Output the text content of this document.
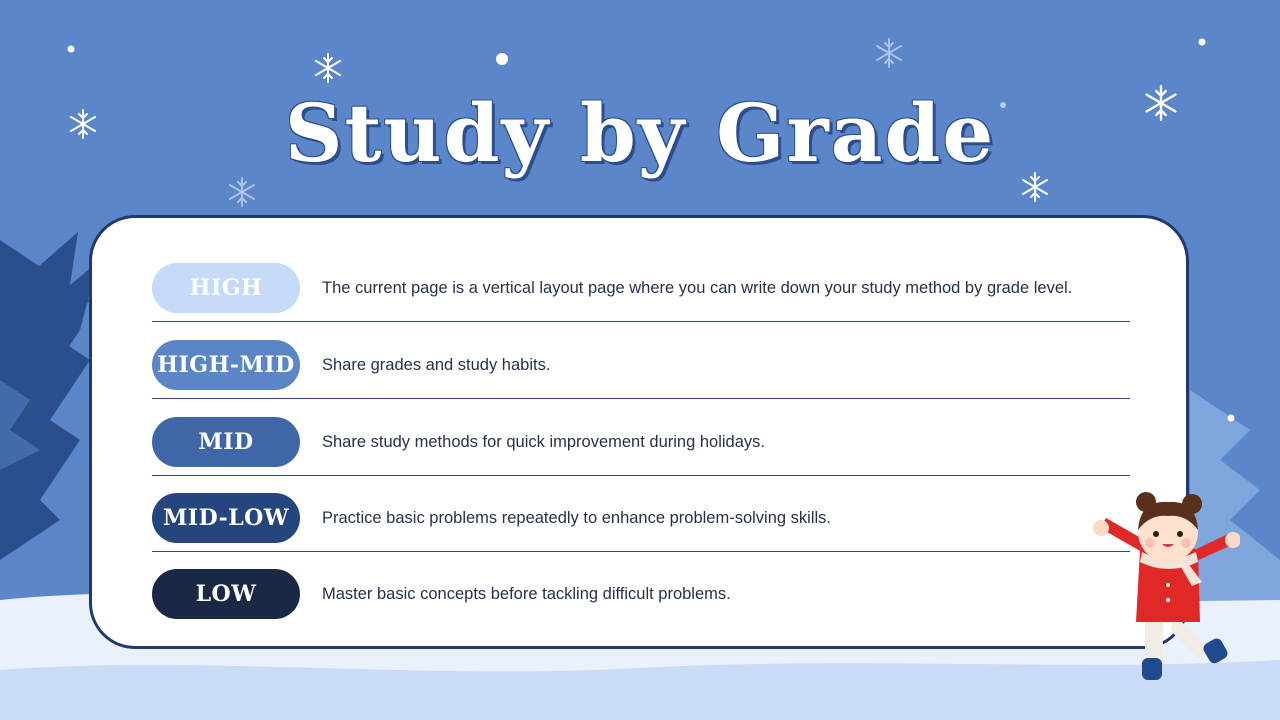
Study by Grade
HIGH	The current page is a vertical layout page where you can write down your study method by grade level.
HIGH-MID	Share grades and study habits.
MID	Share study methods for quick improvement during holidays.
MID-LOW	Practice basic problems repeatedly to enhance problem-solving skills.
LOW	Master basic concepts before tackling difficult problems.
